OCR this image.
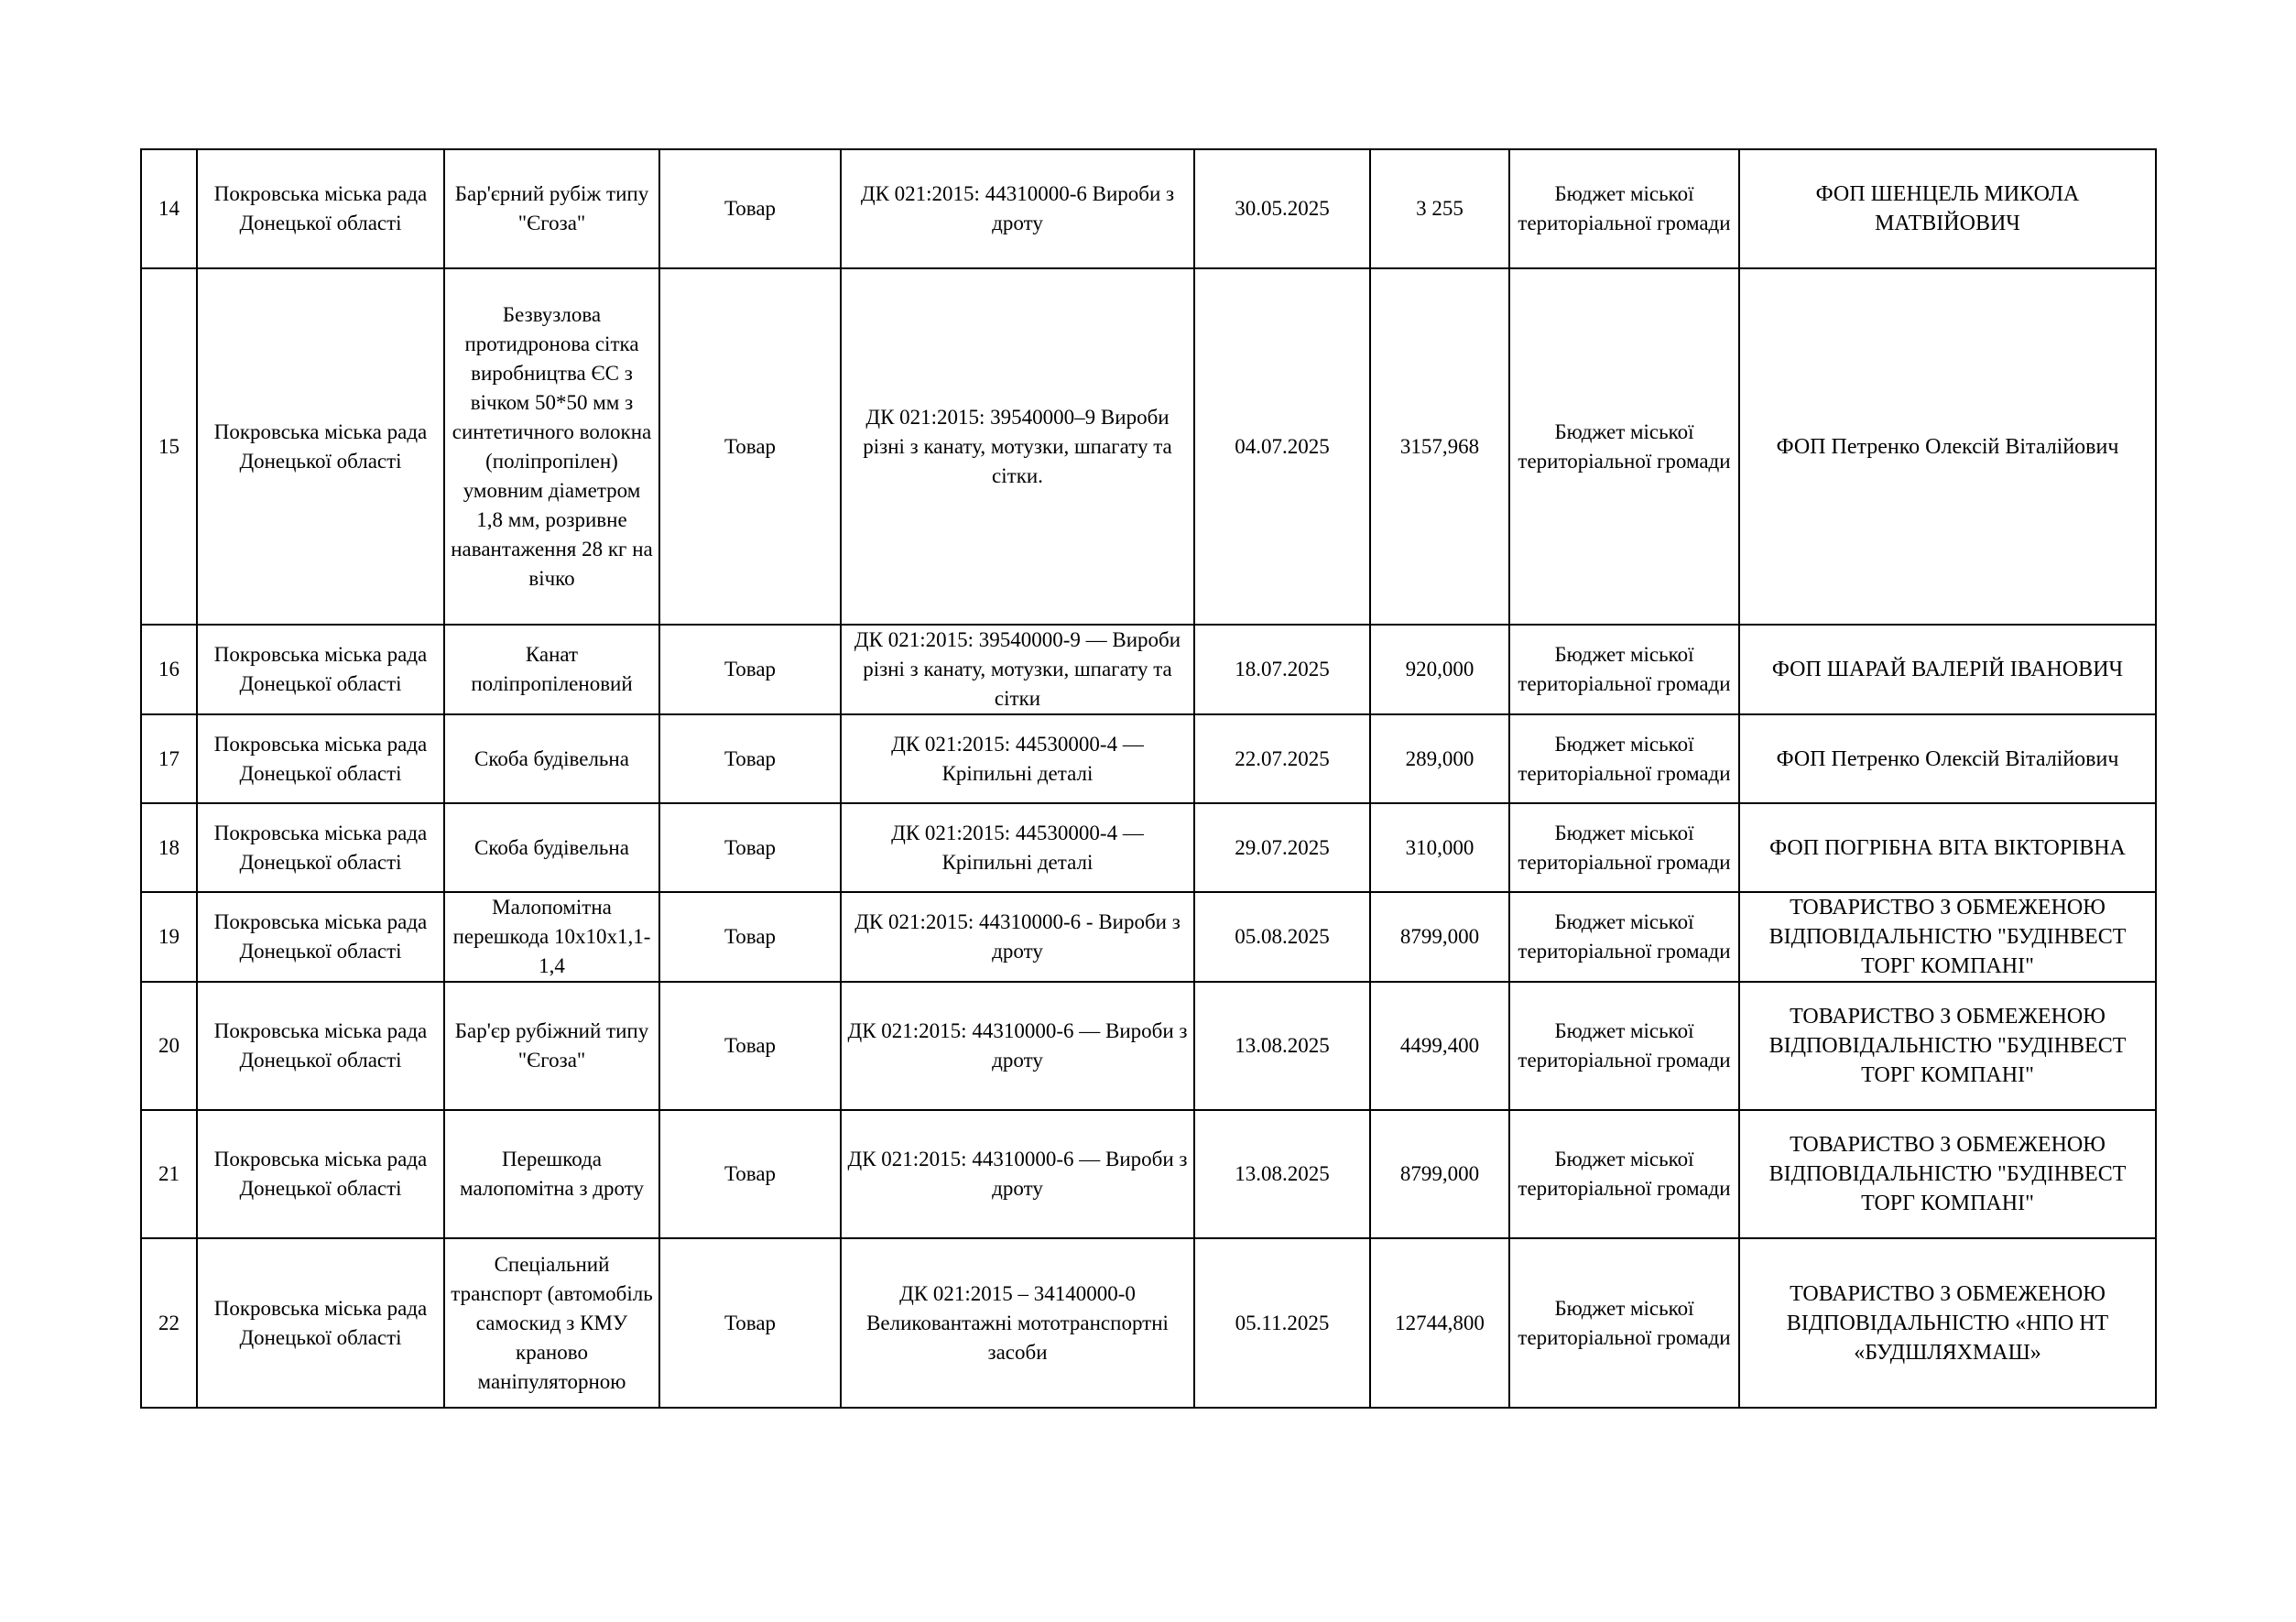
14	Покровська міська рада Донецької області	Бар'єрний рубіж типу "Єгоза"	Товар	ДК 021:2015: 44310000-6 Вироби з дроту	30.05.2025	3 255	Бюджет міської територіальної громади	ФОП ШЕНЦЕЛЬ МИКОЛА МАТВІЙОВИЧ
15	Покровська міська рада Донецької області	Безвузлова протидронова сітка виробництва ЄС з вічком 50*50 мм з синтетичного волокна (поліпропілен) умовним діаметром 1,8 мм, розривне навантаження 28 кг на вічко	Товар	ДК 021:2015: 39540000–9 Вироби різні з канату, мотузки, шпагату та сітки.	04.07.2025	3157,968	Бюджет міської територіальної громади	ФОП Петренко Олексій Віталійович
16	Покровська міська рада Донецької області	Канат поліпропіленовий	Товар	ДК 021:2015: 39540000-9 — Вироби різні з канату, мотузки, шпагату та сітки	18.07.2025	920,000	Бюджет міської територіальної громади	ФОП ШАРАЙ ВАЛЕРІЙ ІВАНОВИЧ
17	Покровська міська рада Донецької області	Скоба будівельна	Товар	ДК 021:2015: 44530000-4 — Кріпильні деталі	22.07.2025	289,000	Бюджет міської територіальної громади	ФОП Петренко Олексій Віталійович
18	Покровська міська рада Донецької області	Скоба будівельна	Товар	ДК 021:2015: 44530000-4 — Кріпильні деталі	29.07.2025	310,000	Бюджет міської територіальної громади	ФОП ПОГРІБНА ВІТА ВІКТОРІВНА
19	Покровська міська рада Донецької області	Малопомітна перешкода 10х10х1,1-1,4	Товар	ДК 021:2015: 44310000-6 - Вироби з дроту	05.08.2025	8799,000	Бюджет міської територіальної громади	ТОВАРИСТВО З ОБМЕЖЕНОЮ ВІДПОВІДАЛЬНІСТЮ "БУДІНВЕСТ ТОРГ КОМПАНІ"
20	Покровська міська рада Донецької області	Бар'єр рубіжний типу "Єгоза"	Товар	ДК 021:2015: 44310000-6 — Вироби з дроту	13.08.2025	4499,400	Бюджет міської територіальної громади	ТОВАРИСТВО З ОБМЕЖЕНОЮ ВІДПОВІДАЛЬНІСТЮ "БУДІНВЕСТ ТОРГ КОМПАНІ"
21	Покровська міська рада Донецької області	Перешкода малопомітна з дроту	Товар	ДК 021:2015: 44310000-6 — Вироби з дроту	13.08.2025	8799,000	Бюджет міської територіальної громади	ТОВАРИСТВО З ОБМЕЖЕНОЮ ВІДПОВІДАЛЬНІСТЮ "БУДІНВЕСТ ТОРГ КОМПАНІ"
22	Покровська міська рада Донецької області	Спеціальний транспорт (автомобіль самоскид з КМУ краново маніпуляторною	Товар	ДК 021:2015 – 34140000-0 Великовантажні мототранспортні засоби	05.11.2025	12744,800	Бюджет міської територіальної громади	ТОВАРИСТВО З ОБМЕЖЕНОЮ ВІДПОВІДАЛЬНІСТЮ «НПО НТ «БУДШЛЯХМАШ»
